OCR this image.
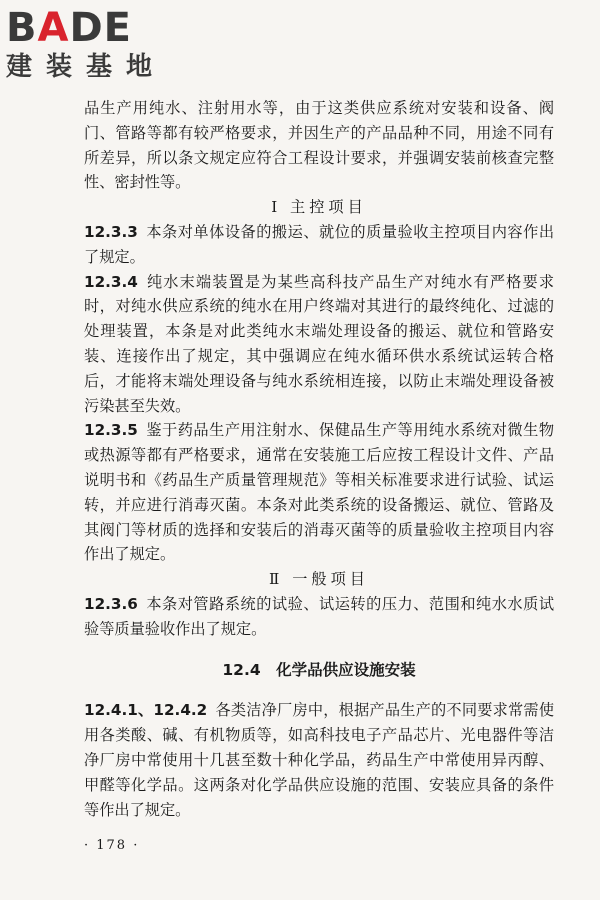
BADE
建装基地

品生产用纯水、注射用水等，由于这类供应系统对安装和设备、阀门、管路等都有较严格要求，并因生产的产品品种不同，用途不同有所差异，所以条文规定应符合工程设计要求，并强调安装前核查完整性、密封性等。

Ⅰ 主控项目

12.3.3 本条对单体设备的搬运、就位的质量验收主控项目内容作出了规定。

12.3.4 纯水末端装置是为某些高科技产品生产对纯水有严格要求时，对纯水供应系统的纯水在用户终端对其进行的最终纯化、过滤的处理装置，本条是对此类纯水末端处理设备的搬运、就位和管路安装、连接作出了规定，其中强调应在纯水循环供水系统试运转合格后，才能将末端处理设备与纯水系统相连接，以防止末端处理设备被污染甚至失效。

12.3.5 鉴于药品生产用注射水、保健品生产等用纯水系统对微生物或热源等都有严格要求，通常在安装施工后应按工程设计文件、产品说明书和《药品生产质量管理规范》等相关标准要求进行试验、试运转，并应进行消毒灭菌。本条对此类系统的设备搬运、就位、管路及其阀门等材质的选择和安装后的消毒灭菌等的质量验收主控项目内容作出了规定。

Ⅱ 一般项目

12.3.6 本条对管路系统的试验、试运转的压力、范围和纯水水质试验等质量验收作出了规定。

12.4　化学品供应设施安装

12.4.1、12.4.2 各类洁净厂房中，根据产品生产的不同要求常需使用各类酸、碱、有机物质等，如高科技电子产品芯片、光电器件等洁净厂房中常使用十几甚至数十种化学品，药品生产中常使用异丙醇、甲醛等化学品。这两条对化学品供应设施的范围、安装应具备的条件等作出了规定。

· 178 ·
